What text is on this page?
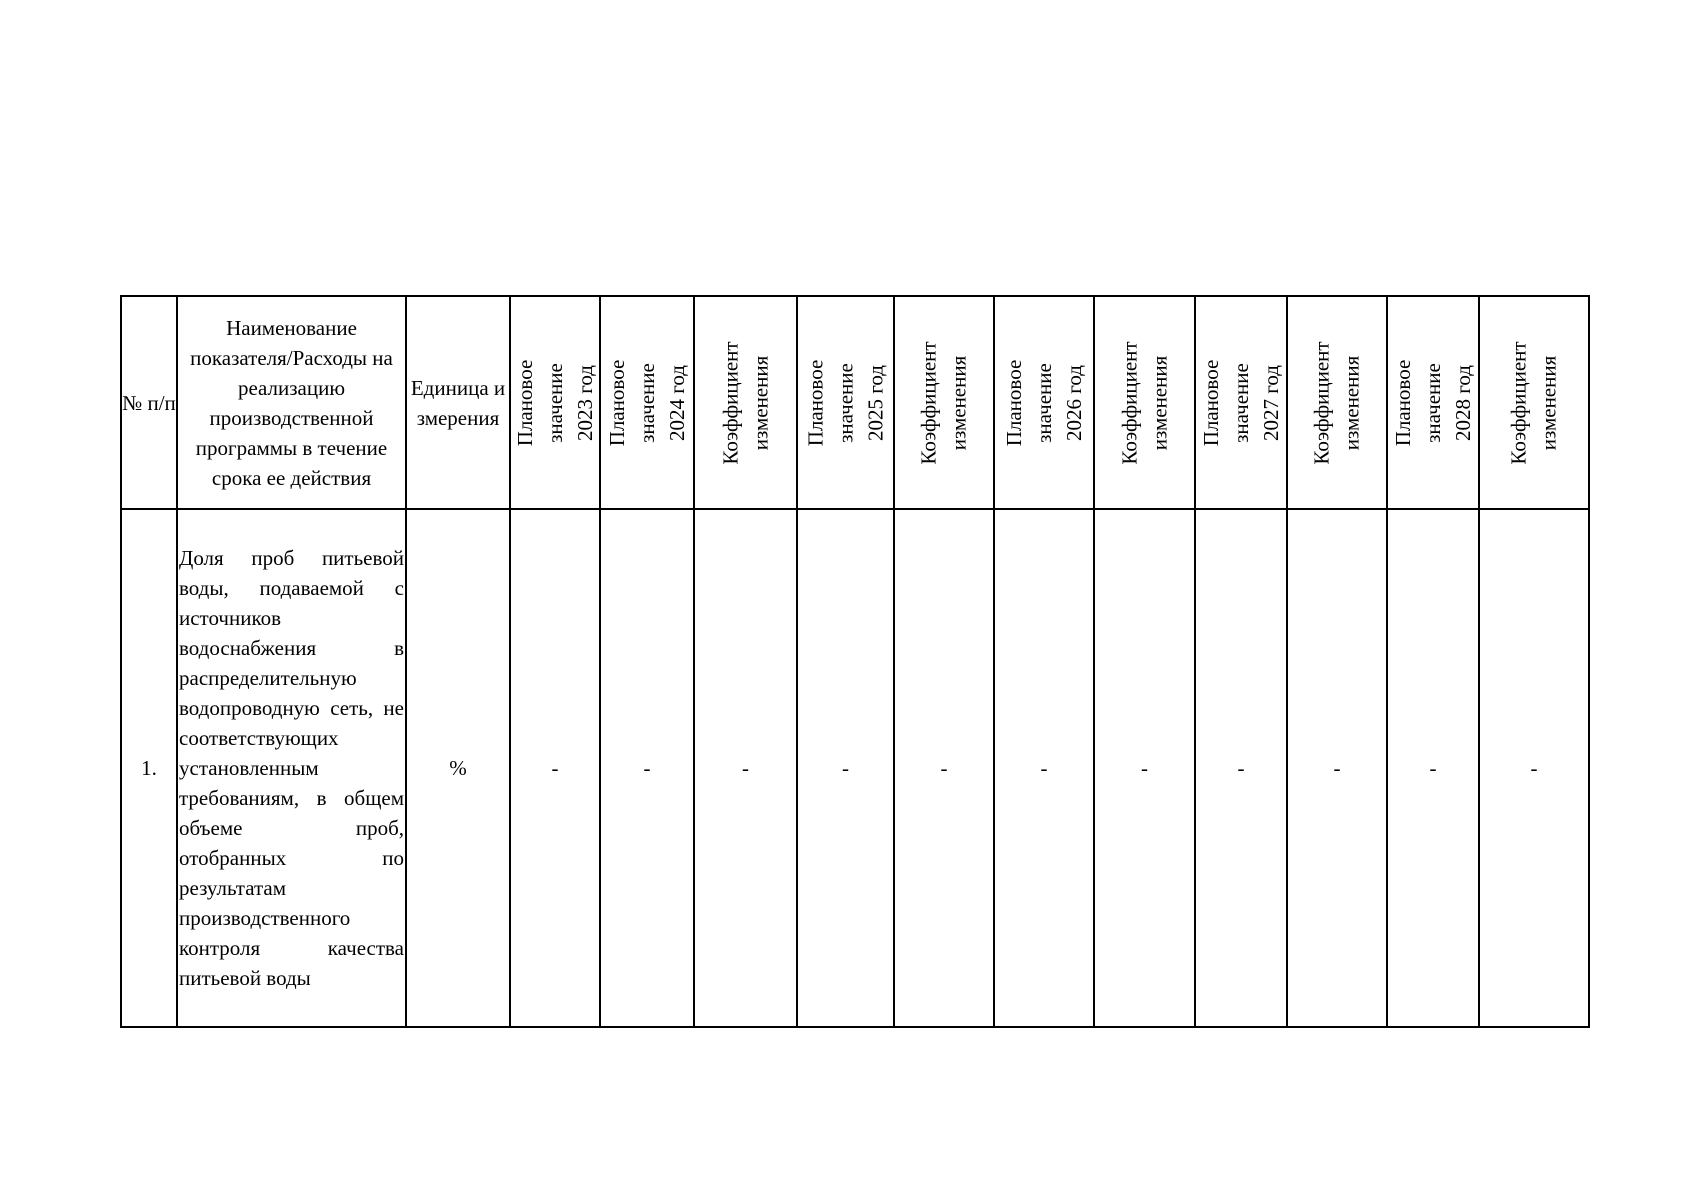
№ п/п	Наименование показателя/Расходы на реализацию производственной программы в течение срока ее действия	Единица измерения	Плановое значение 2023 год	Плановое значение 2024 год	Коэффициент изменения	Плановое значение 2025 год	Коэффициент изменения	Плановое значение 2026 год	Коэффициент изменения	Плановое значение 2027 год	Коэффициент изменения	Плановое значение 2028 год	Коэффициент изменения

1.	Доля проб питьевой воды, подаваемой с источников водоснабжения в распределительную водопроводную сеть, не соответствующих установленным требованиям, в общем объеме проб, отобранных по результатам производственного контроля качества питьевой воды	%	-	-	-	-	-	-	-	-	-	-	-
